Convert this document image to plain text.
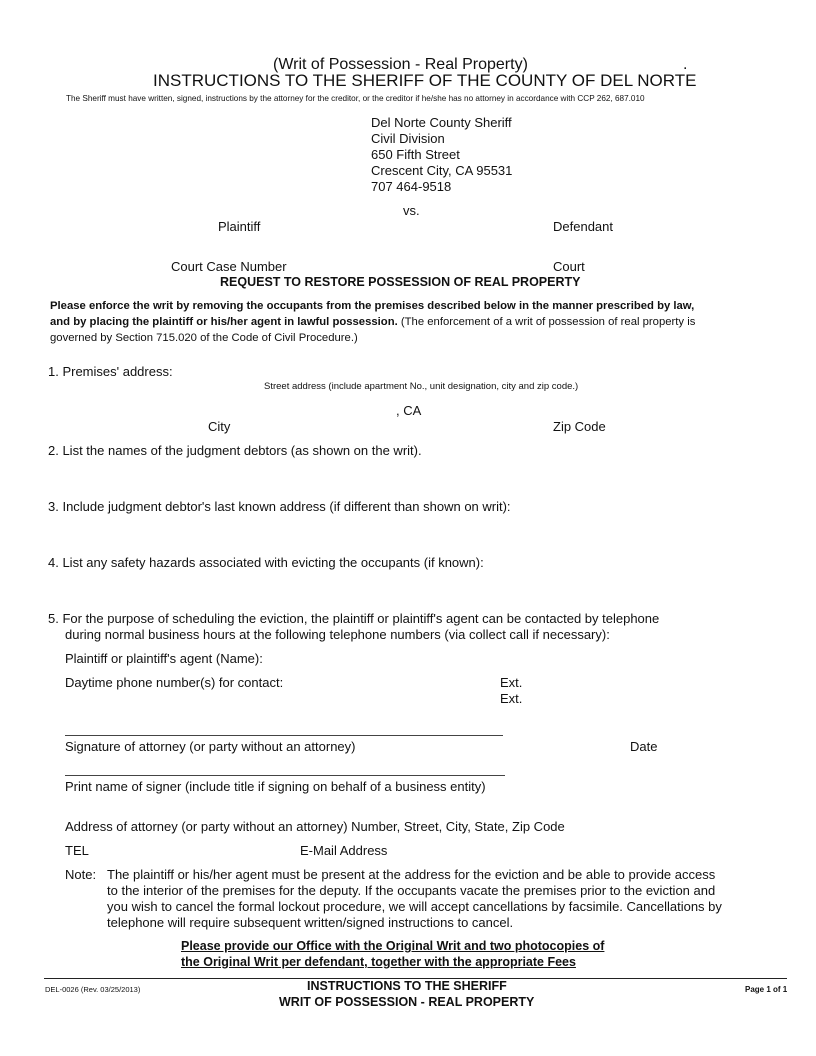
(Writ of Possession - Real Property)	.
INSTRUCTIONS TO THE SHERIFF OF THE COUNTY OF DEL NORTE
The Sheriff must have written, signed, instructions by the attorney for the creditor, or the creditor if he/she has no attorney in accordance with CCP 262, 687.010
Del Norte County Sheriff
Civil Division
650 Fifth Street
Crescent City, CA 95531
707 464-9518
vs.
Plaintiff	Defendant
Court Case Number	Court
REQUEST TO RESTORE POSSESSION OF REAL PROPERTY
Please enforce the writ by removing the occupants from the premises described below in the manner prescribed by law,
and by placing the plaintiff or his/her agent in lawful possession. (The enforcement of a writ of possession of real property is
governed by Section 715.020 of the Code of Civil Procedure.)
1. Premises' address:
Street address (include apartment No., unit designation, city and zip code.)
, CA
City	Zip Code
2. List the names of the judgment debtors (as shown on the writ).
3. Include judgment debtor's last known address (if different than shown on writ):
4. List any safety hazards associated with evicting the occupants (if known):
5. For the purpose of scheduling the eviction, the plaintiff or plaintiff's agent can be contacted by telephone
during normal business hours at the following telephone numbers (via collect call if necessary):
Plaintiff or plaintiff's agent (Name):
Daytime phone number(s) for contact:	Ext.
Ext.
Signature of attorney (or party without an attorney)	Date
Print name of signer (include title if signing on behalf of a business entity)
Address of attorney (or party without an attorney) Number, Street, City, State, Zip Code
TEL	E-Mail Address
Note: The plaintiff or his/her agent must be present at the address for the eviction and be able to provide access
to the interior of the premises for the deputy. If the occupants vacate the premises prior to the eviction and
you wish to cancel the formal lockout procedure, we will accept cancellations by facsimile. Cancellations by
telephone will require subsequent written/signed instructions to cancel.
Please provide our Office with the Original Writ and two photocopies of
the Original Writ per defendant, together with the appropriate Fees
DEL-0026 (Rev. 03/25/2013)	INSTRUCTIONS TO THE SHERIFF
WRIT OF POSSESSION - REAL PROPERTY
Page 1 of 1
